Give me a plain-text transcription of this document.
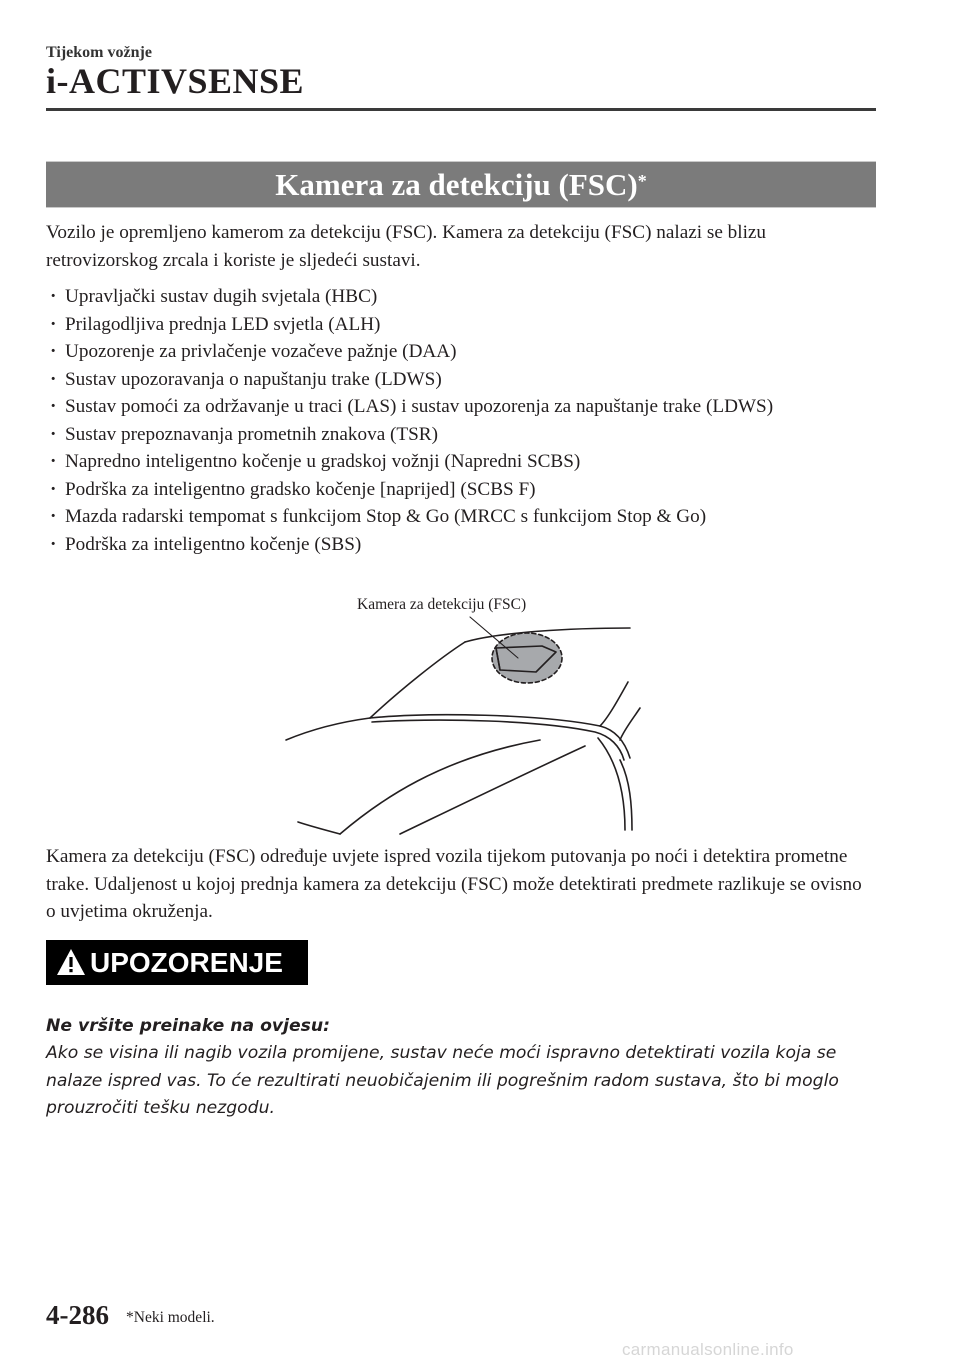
Tijekom vožnje
i-ACTIVSENSE
Kamera za detekciju (FSC)*
Vozilo je opremljeno kamerom za detekciju (FSC). Kamera za detekciju (FSC) nalazi se blizu retrovizorskog zrcala i koriste je sljedeći sustavi.
· Upravljački sustav dugih svjetala (HBC)
· Prilagodljiva prednja LED svjetla (ALH)
· Upozorenje za privlačenje vozačeve pažnje (DAA)
· Sustav upozoravanja o napuštanju trake (LDWS)
· Sustav pomoći za održavanje u traci (LAS) i sustav upozorenja za napuštanje trake (LDWS)
· Sustav prepoznavanja prometnih znakova (TSR)
· Napredno inteligentno kočenje u gradskoj vožnji (Napredni SCBS)
· Podrška za inteligentno gradsko kočenje [naprijed] (SCBS F)
· Mazda radarski tempomat s funkcijom Stop & Go (MRCC s funkcijom Stop & Go)
· Podrška za inteligentno kočenje (SBS)
Kamera za detekciju (FSC)
Kamera za detekciju (FSC) određuje uvjete ispred vozila tijekom putovanja po noći i detektira prometne trake. Udaljenost u kojoj prednja kamera za detekciju (FSC) može detektirati predmete razlikuje se ovisno o uvjetima okruženja.
UPOZORENJE
Ne vršite preinake na ovjesu:
Ako se visina ili nagib vozila promijene, sustav neće moći ispravno detektirati vozila koja se nalaze ispred vas. To će rezultirati neuobičajenim ili pogrešnim radom sustava, što bi moglo prouzročiti tešku nezgodu.
4-286 *Neki modeli.
carmanualsonline.info
